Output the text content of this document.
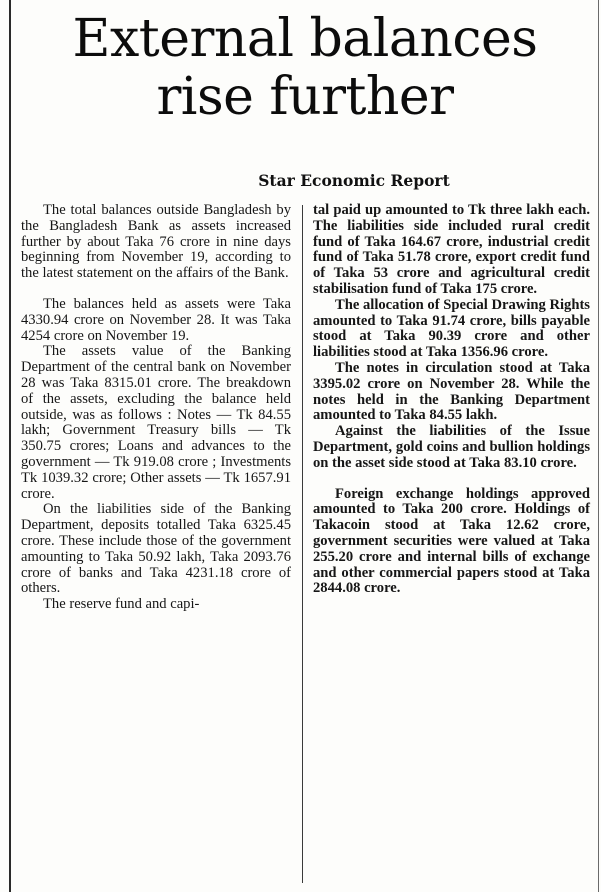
External balances
rise further
Star Economic Report

The total balances outside Bangladesh by the Bangladesh Bank as assets increased further by about Taka 76 crore in nine days beginning from November 19, according to the latest statement on the affairs of the Bank.

The balances held as assets were Taka 4330.94 crore on November 28. It was Taka 4254 crore on November 19.

The assets value of the Banking Department of the central bank on November 28 was Taka 8315.01 crore. The breakdown of the assets, excluding the balance held outside, was as follows : Notes — Tk 84.55 lakh; Government Treasury bills — Tk 350.75 crores; Loans and advances to the government — Tk 919.08 crore ; Investments Tk 1039.32 crore; Other assets — Tk 1657.91 crore.

On the liabilities side of the Banking Department, deposits totalled Taka 6325.45 crore. These include those of the government amounting to Taka 50.92 lakh, Taka 2093.76 crore of banks and Taka 4231.18 crore of others.

The reserve fund and capi-

tal paid up amounted to Tk three lakh each. The liabilities side included rural credit fund of Taka 164.67 crore, industrial credit fund of Taka 51.78 crore, export credit fund of Taka 53 crore and agricultural credit stabilisation fund of Taka 175 crore.

The allocation of Special Drawing Rights amounted to Taka 91.74 crore, bills payable stood at Taka 90.39 crore and other liabilities stood at Taka 1356.96 crore.

The notes in circulation stood at Taka 3395.02 crore on November 28. While the notes held in the Banking Department amounted to Taka 84.55 lakh.

Against the liabilities of the Issue Department, gold coins and bullion holdings on the asset side stood at Taka 83.10 crore.

Foreign exchange holdings approved amounted to Taka 200 crore. Holdings of Takacoin stood at Taka 12.62 crore, government securities were valued at Taka 255.20 crore and internal bills of exchange and other commercial papers stood at Taka 2844.08 crore.
